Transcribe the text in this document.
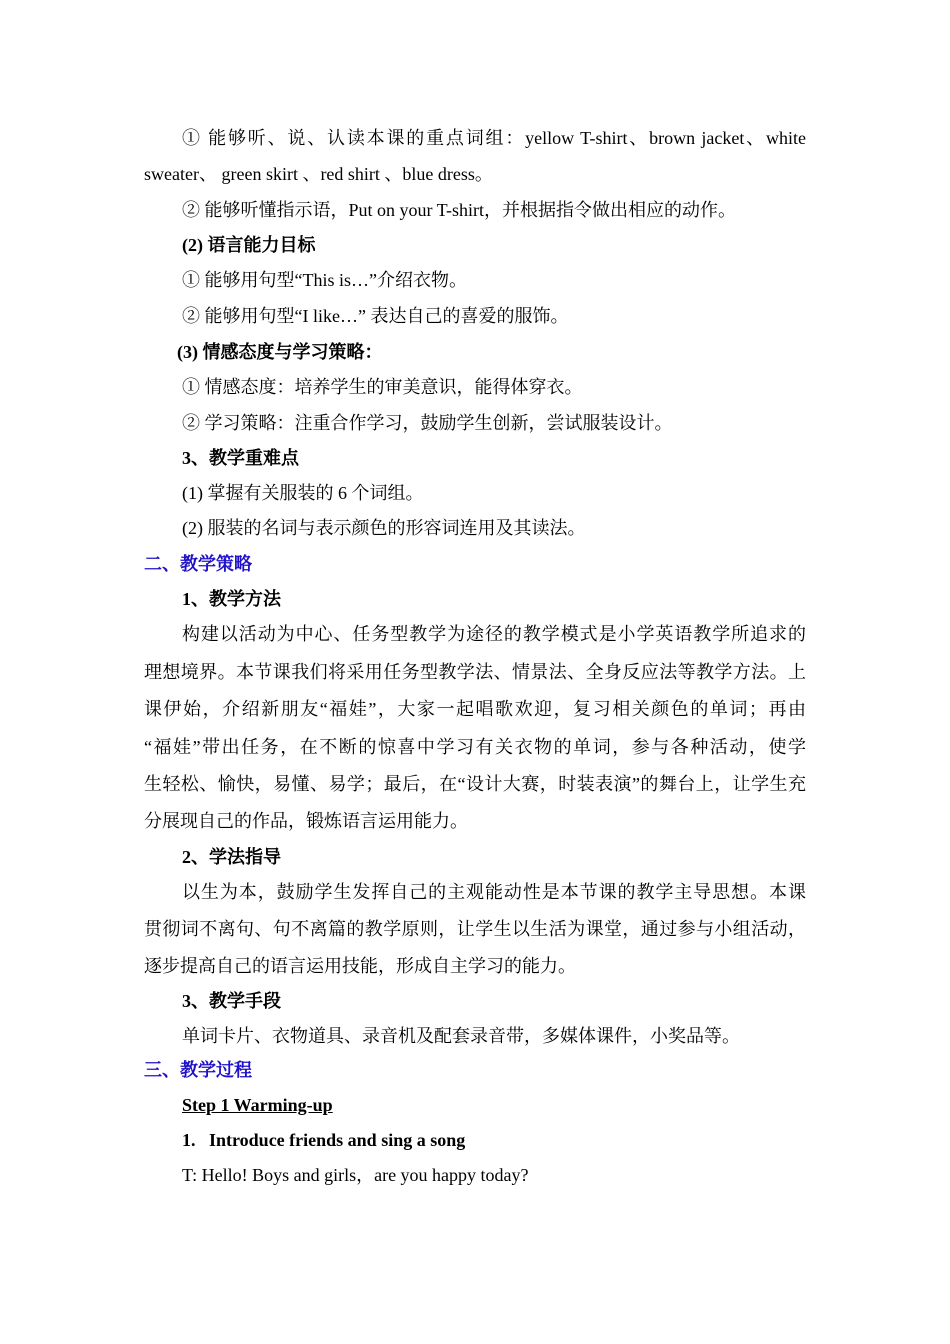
① 能够听、说、认读本课的重点词组：yellow T-shirt、brown jacket、white
sweater、 green skirt 、red shirt 、blue dress。
② 能够听懂指示语，Put on your T-shirt，并根据指令做出相应的动作。
(2) 语言能力目标
① 能够用句型“This is…”介绍衣物。
② 能够用句型“I like…” 表达自己的喜爱的服饰。
(3) 情感态度与学习策略：
① 情感态度：培养学生的审美意识，能得体穿衣。
② 学习策略：注重合作学习，鼓励学生创新，尝试服装设计。
3、教学重难点
(1) 掌握有关服装的 6 个词组。
(2) 服装的名词与表示颜色的形容词连用及其读法。
二、教学策略
1、教学方法
构建以活动为中心、任务型教学为途径的教学模式是小学英语教学所追求的
理想境界。本节课我们将采用任务型教学法、情景法、全身反应法等教学方法。上
课伊始，介绍新朋友“福娃”，大家一起唱歌欢迎，复习相关颜色的单词；再由
“福娃”带出任务，在不断的惊喜中学习有关衣物的单词，参与各种活动，使学
生轻松、愉快，易懂、易学；最后，在“设计大赛，时装表演”的舞台上，让学生充
分展现自己的作品，锻炼语言运用能力。
2、学法指导
以生为本，鼓励学生发挥自己的主观能动性是本节课的教学主导思想。本课
贯彻词不离句、句不离篇的教学原则，让学生以生活为课堂，通过参与小组活动，
逐步提高自己的语言运用技能，形成自主学习的能力。
3、教学手段
单词卡片、衣物道具、录音机及配套录音带，多媒体课件，小奖品等。
三、教学过程
Step 1 Warming-up
1.   Introduce friends and sing a song
T: Hello! Boys and girls，are you happy today?
